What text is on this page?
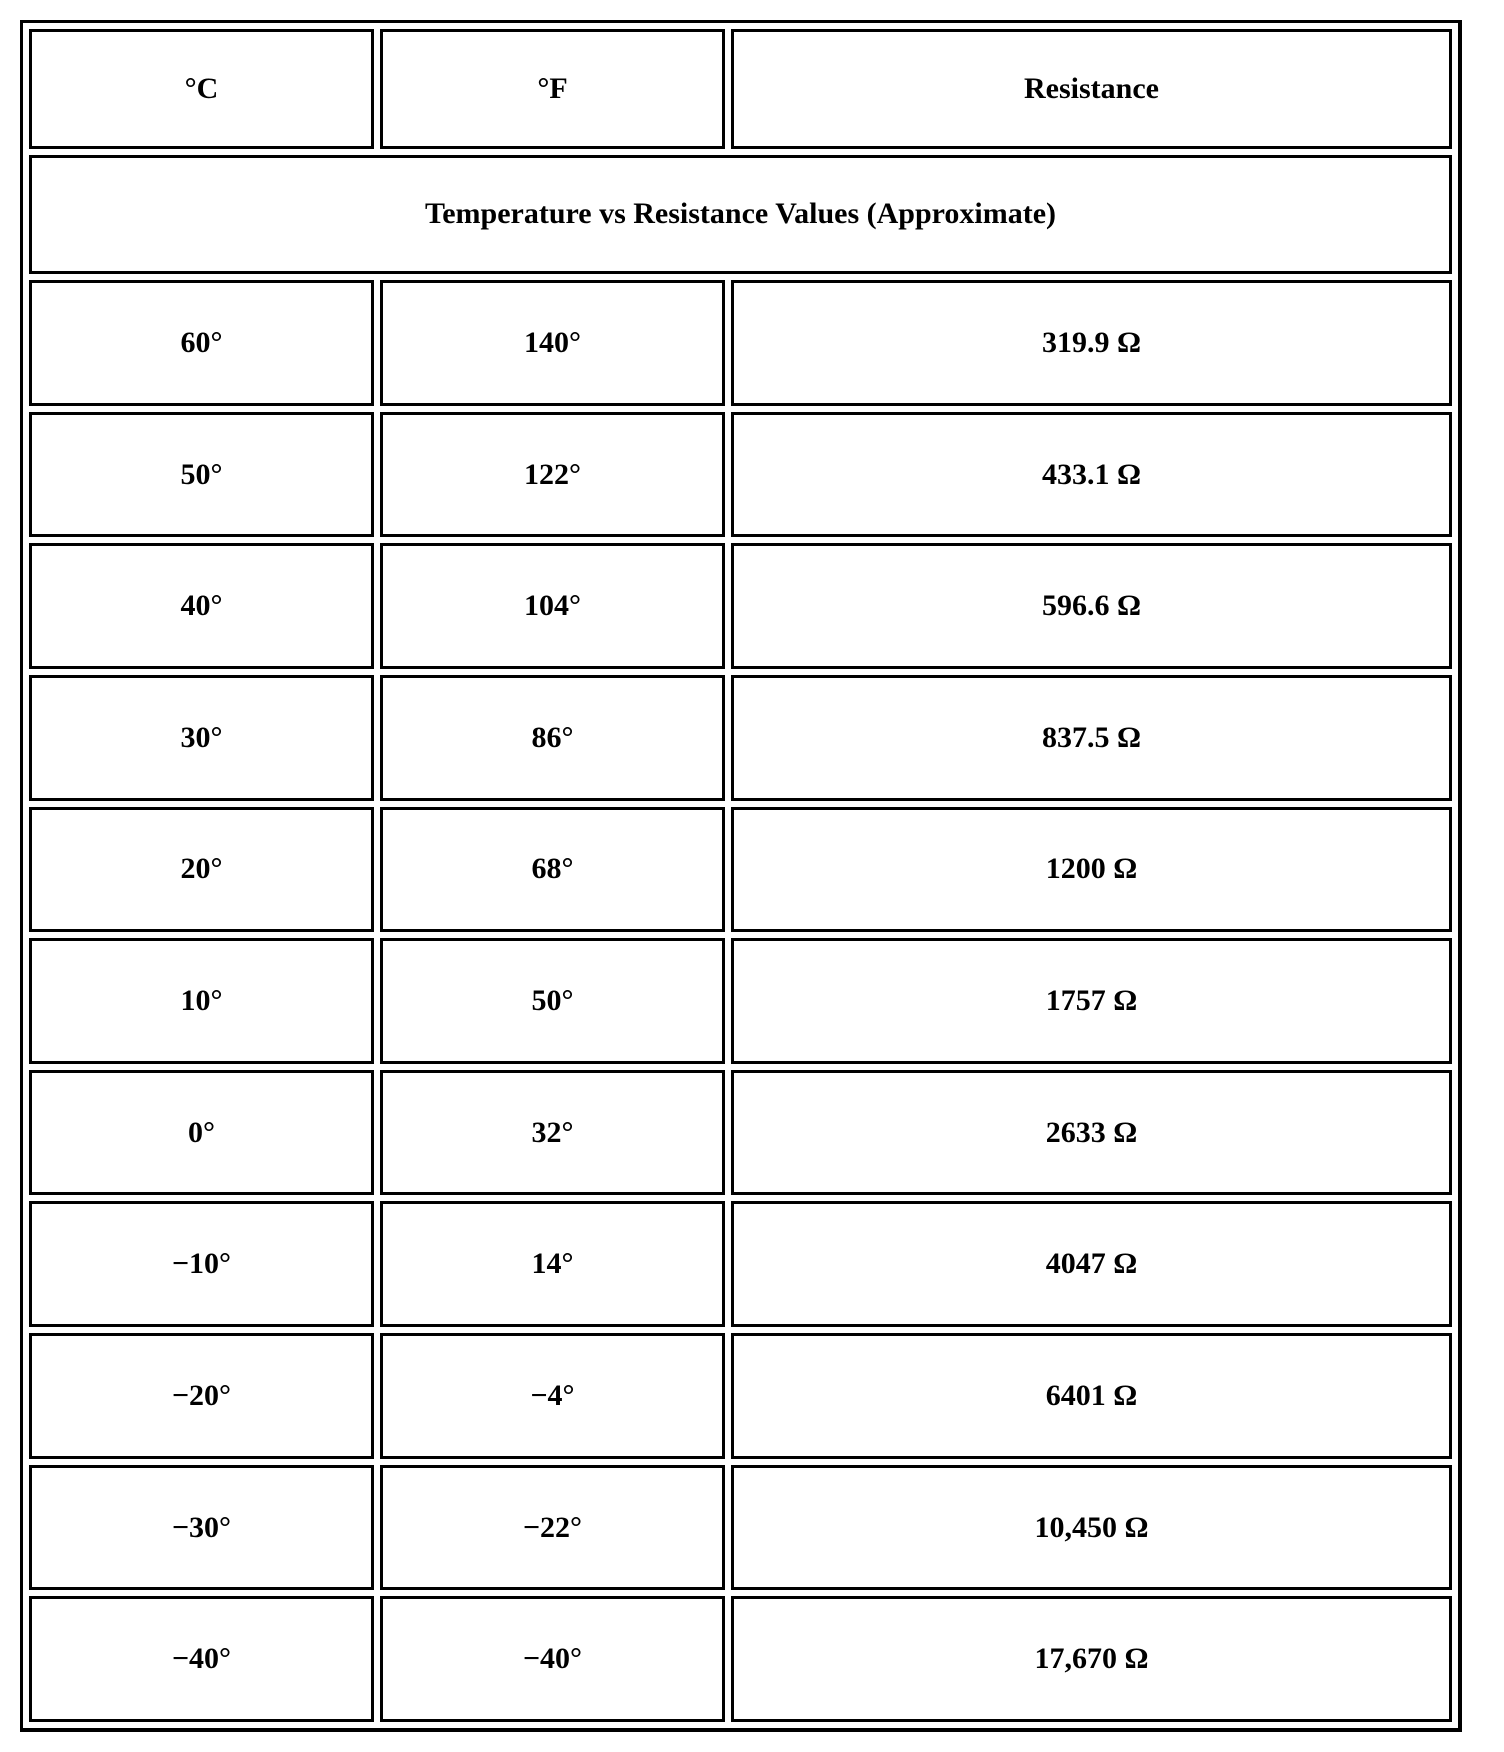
°C	°F	Resistance
Temperature vs Resistance Values (Approximate)		
60°	140°	319.9 Ω
50°	122°	433.1 Ω
40°	104°	596.6 Ω
30°	86°	837.5 Ω
20°	68°	1200 Ω
10°	50°	1757 Ω
0°	32°	2633 Ω
−10°	14°	4047 Ω
−20°	−4°	6401 Ω
−30°	−22°	10,450 Ω
−40°	−40°	17,670 Ω
